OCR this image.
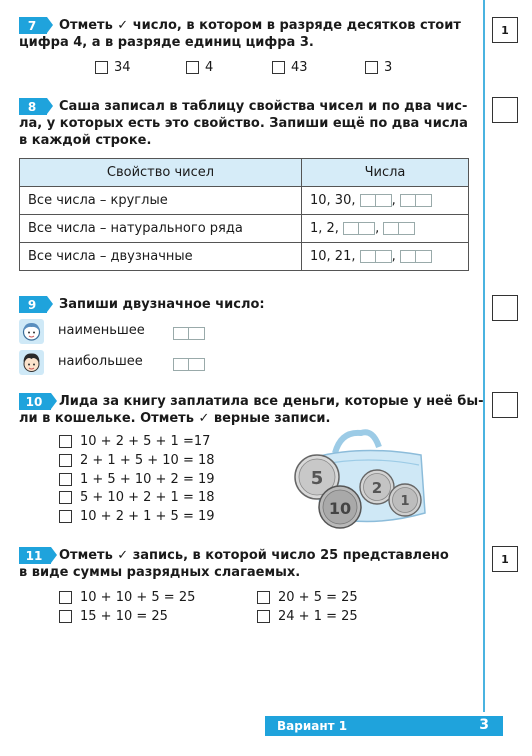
7	Отметь ✓ число, в котором в разряде десятков стоит
цифра 4, а в разряде единиц цифра 3.
1
34	4	43	3
8	Саша записал в таблицу свойства чисел и по два чис-
ла, у которых есть это свойство. Запиши ещё по два числа
в каждой строке.
Свойство чисел	Числа
Все числа – круглые	10, 30, ,
Все числа – натурального ряда	1, 2, ,
Все числа – двузначные	10, 21, ,
9	Запиши двузначное число:
наименьшее
наибольшее
10	Лида за книгу заплатила все деньги, которые у неё бы-
ли в кошельке. Отметь ✓ верные записи.
10 + 2 + 5 + 1 =17
2 + 1 + 5 + 10 = 18
1 + 5 + 10 + 2 = 19
5 + 10 + 2 + 1 = 18
10 + 2 + 1 + 5 = 19
5
10
2
1
11	Отметь ✓ запись, в которой число 25 представлено
в виде суммы разрядных слагаемых.
1
10 + 10 + 5 = 25
15 + 10 = 25
20 + 5 = 25
24 + 1 = 25
Вариант 1	3
